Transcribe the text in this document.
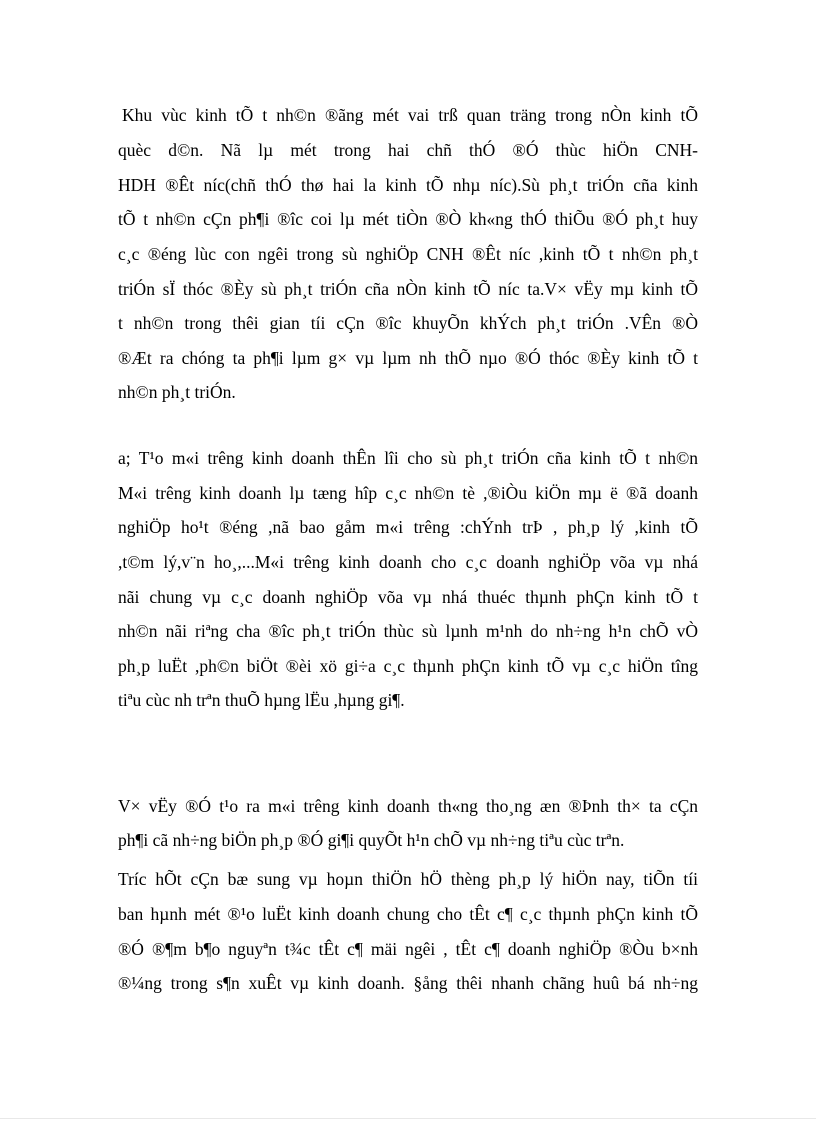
Khu vùc kinh tÕ t nh©n ®ãng mét vai trß quan träng trong nÒn kinh tÕ
quèc d©n. Nã lµ mét trong hai chñ thÓ ®Ó thùc hiÖn CNH-
HDH ®Êt níc(chñ thÓ thø hai la kinh tÕ nhµ níc).Sù ph¸t triÓn cña kinh
tÕ t nh©n cÇn ph¶i ®îc coi lµ mét tiÒn ®Ò kh«ng thÓ thiÕu ®Ó ph¸t huy
c¸c ®éng lùc con ngêi trong sù nghiÖp CNH ®Êt níc ,kinh tÕ t nh©n ph¸t
triÓn sÏ thóc ®Èy sù ph¸t triÓn cña nÒn kinh tÕ níc ta.V× vËy mµ kinh tÕ
t nh©n trong thêi gian tíi cÇn ®îc khuyÕn khÝch ph¸t triÓn .VÊn ®Ò
®Æt ra chóng ta ph¶i lµm g× vµ lµm nh thÕ nµo ®Ó thóc ®Èy kinh tÕ t
nh©n ph¸t triÓn.
a; T¹o m«i trêng kinh doanh thÊn lîi cho sù ph¸t triÓn cña kinh tÕ t nh©n
M«i trêng kinh doanh lµ tæng hîp c¸c nh©n tè ,®iÒu kiÖn mµ ë ®ã doanh
nghiÖp ho¹t ®éng ,nã bao gåm m«i trêng :chÝnh trÞ , ph¸p lý ,kinh tÕ
,t©m lý,v¨n ho¸,...M«i trêng kinh doanh cho c¸c doanh nghiÖp võa vµ nhá
nãi chung vµ c¸c doanh nghiÖp võa vµ nhá thuéc thµnh phÇn kinh tÕ t
nh©n nãi riªng cha ®îc ph¸t triÓn thùc sù lµnh m¹nh do nh÷ng h¹n chÕ vÒ
ph¸p luËt ,ph©n biÖt ®èi xö gi÷a c¸c thµnh phÇn kinh tÕ vµ c¸c hiÖn tîng
tiªu cùc nh trªn thuÕ hµng lËu ,hµng gi¶.
V× vËy ®Ó t¹o ra m«i trêng kinh doanh th«ng tho¸ng æn ®Þnh th× ta cÇn
ph¶i cã nh÷ng biÖn ph¸p ®Ó gi¶i quyÕt h¹n chÕ vµ nh÷ng tiªu cùc trªn.
Tríc hÕt cÇn bæ sung vµ hoµn thiÖn hÖ thèng ph¸p lý hiÖn nay, tiÕn tíi
ban hµnh mét ®¹o luËt kinh doanh chung cho tÊt c¶ c¸c thµnh phÇn kinh tÕ
®Ó ®¶m b¶o nguyªn t¾c tÊt c¶ mäi ngêi , tÊt c¶ doanh nghiÖp ®Òu b×nh
®¼ng trong s¶n xuÊt vµ kinh doanh. §ång thêi nhanh chãng huû bá nh÷ng
